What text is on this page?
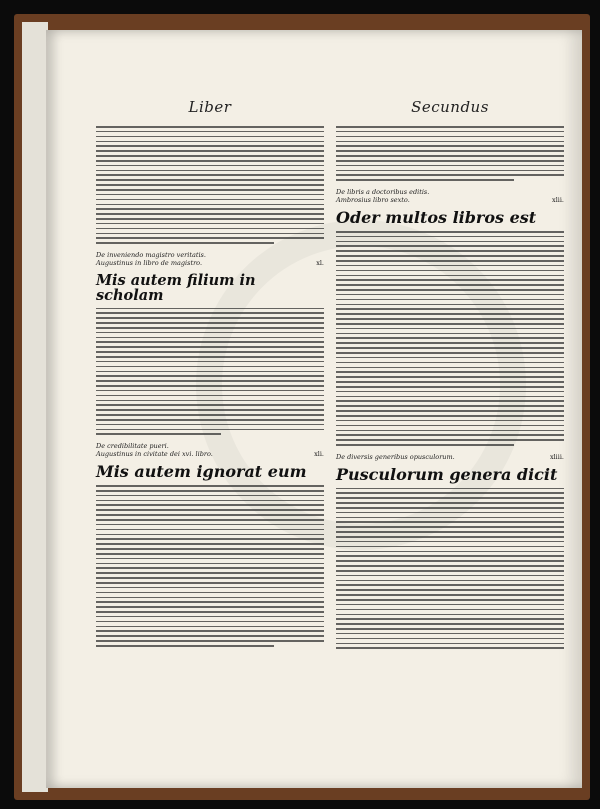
Liber
De inveniendo magistro veritatis.
Augustinus in libro de magistro.	xl.
Mis autem filium in scholam
De credibilitate pueri.
Augustinus in civitate dei xvi. libro.	xli.
Mis autem ignorat eum
Secundus
De libris a doctoribus editis.
Ambrosius libro sexto.	xlii.
Oder multos libros est
De diversis generibus opusculorum.	xliii.
Pusculorum genera dicit
